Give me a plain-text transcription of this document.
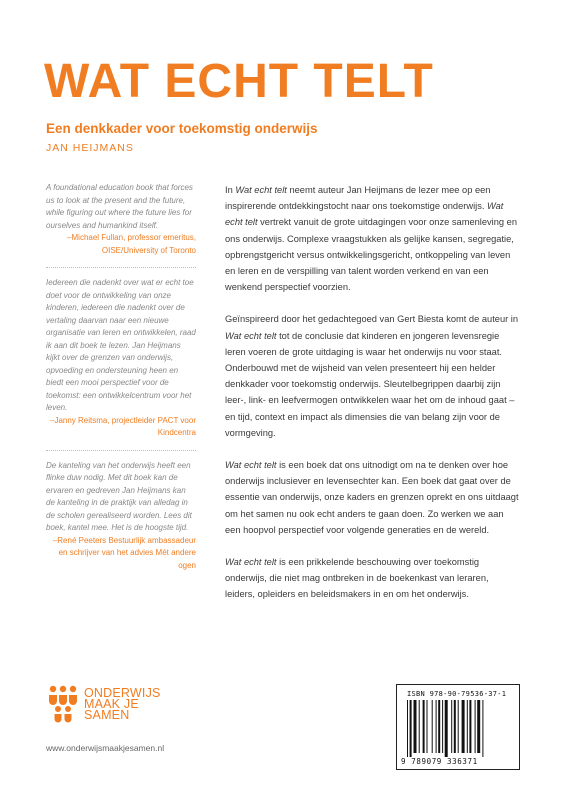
WAT ECHT TELT

Een denkkader voor toekomstig onderwijs

JAN HEIJMANS

A foundational education book that forces us to look at the present and the future, while figuring out where the future lies for ourselves and humankind itself.
–Michael Fullan, professor emeritus, OISE/University of Toronto
Iedereen die nadenkt over wat er echt toe doet voor de ontwikkeling van onze kinderen, iedereen die nadenkt over de vertaling daarvan naar een nieuwe organisatie van leren en ontwikkelen, raad ik aan dit boek te lezen. Jan Heijmans kijkt over de grenzen van onderwijs, opvoeding en ondersteuning heen en biedt een mooi perspectief voor de toekomst: een ontwikkelcentrum voor het leven.
–Janny Reitsma, projectleider PACT voor Kindcentra
De kanteling van het onderwijs heeft een flinke duw nodig. Met dit boek kan de ervaren en gedreven Jan Heijmans kan de kanteling in de praktijk van alledag in de scholen gerealiseerd worden. Lees dit boek, kantel mee. Het is de hoogste tijd.
–René Peeters Bestuurlijk ambassadeur en schrijver van het advies Mét andere ogen

In Wat echt telt neemt auteur Jan Heijmans de lezer mee op een inspirerende ontdekkingstocht naar ons toekomstige onderwijs. Wat echt telt vertrekt vanuit de grote uitdagingen voor onze samenleving en ons onderwijs. Complexe vraagstukken als gelijke kansen, segregatie, opbrengstgericht versus ontwikkelingsgericht, ontkoppeling van leven en leren en de verspilling van talent worden verkend en van een wenkend perspectief voorzien.

Geïnspireerd door het gedachtegoed van Gert Biesta komt de auteur in Wat echt telt tot de conclusie dat kinderen en jongeren levensregie leren voeren de grote uitdaging is waar het onderwijs nu voor staat. Onderbouwd met de wijsheid van velen presenteert hij een helder denkkader voor toekomstig onderwijs. Sleutelbegrippen daarbij zijn leer-, link- en leefvermogen ontwikkelen waar het om de inhoud gaat – en tijd, context en impact als dimensies die van belang zijn voor de vormgeving.

Wat echt telt is een boek dat ons uitnodigt om na te denken over hoe onderwijs inclusiever en levensechter kan. Een boek dat gaat over de essentie van onderwijs, onze kaders en grenzen oprekt en ons uitdaagt om het samen nu ook echt anders te gaan doen. Zo werken we aan een hoopvol perspectief voor volgende generaties en de wereld.

Wat echt telt is een prikkelende beschouwing over toekomstig onderwijs, die niet mag ontbreken in de boekenkast van leraren, leiders, opleiders en beleidsmakers in en om het onderwijs.

ONDERWIJS
MAAK JE
SAMEN
www.onderwijsmaakjesamen.nl
ISBN 978-90-79536-37-1
9 789079 336371
